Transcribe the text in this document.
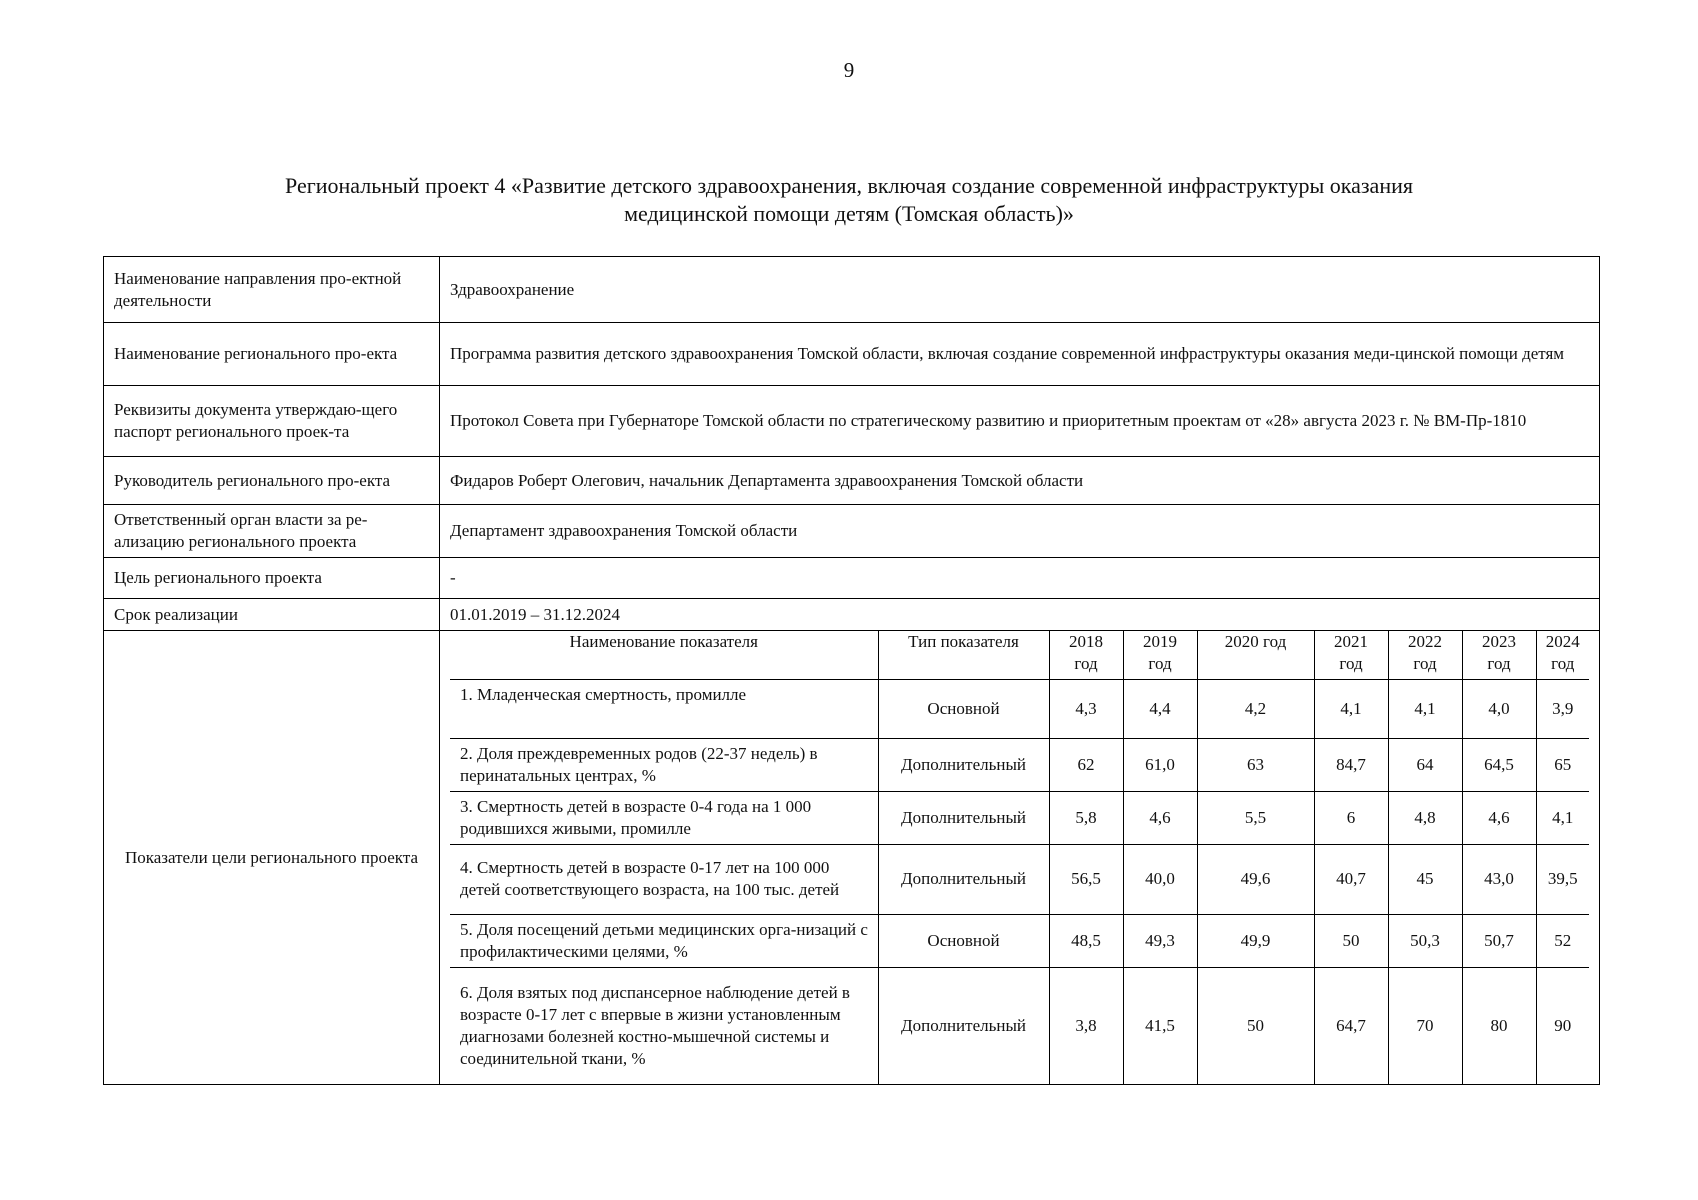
9
Региональный проект 4 «Развитие детского здравоохранения, включая создание современной инфраструктуры оказания
медицинской помощи детям (Томская область)»
Наименование направления про-ектной деятельности	Здравоохранение
Наименование регионального про-екта	Программа развития детского здравоохранения Томской области, включая создание современной инфраструктуры оказания меди-цинской помощи детям
Реквизиты документа утверждаю-щего паспорт регионального проек-та	Протокол Совета при Губернаторе Томской области по стратегическому развитию и приоритетным проектам от «28» августа 2023 г. № ВМ-Пр-1810
Руководитель регионального про-екта	Фидаров Роберт Олегович, начальник Департамента здравоохранения Томской области
Ответственный орган власти за ре-ализацию регионального проекта	Департамент здравоохранения Томской области
Цель регионального проекта	-
Срок реализации	01.01.2019 – 31.12.2024
Показатели цели регионального проекта	
Наименование показателя	Тип показателя	2018 год	2019 год	2020 год	2021 год	2022 год	2023 год	2024 год
1. Младенческая смертность, промилле	Основной	4,3	4,4	4,2	4,1	4,1	4,0	3,9
2. Доля преждевременных родов (22-37 недель) в перинатальных центрах, %	Дополнительный	62	61,0	63	84,7	64	64,5	65
3. Смертность детей в возрасте 0-4 года на 1 000 родившихся живыми, промилле	Дополнительный	5,8	4,6	5,5	6	4,8	4,6	4,1
4. Смертность детей в возрасте 0-17 лет на 100 000 детей соответствующего возраста, на 100 тыс. детей	Дополнительный	56,5	40,0	49,6	40,7	45	43,0	39,5
5. Доля посещений детьми медицинских орга-низаций с профилактическими целями, %	Основной	48,5	49,3	49,9	50	50,3	50,7	52
6. Доля взятых под диспансерное наблюдение детей в возрасте 0-17 лет с впервые в жизни установленным диагнозами болезней костно-мышечной системы и соединительной ткани, %	Дополнительный	3,8	41,5	50	64,7	70	80	90
